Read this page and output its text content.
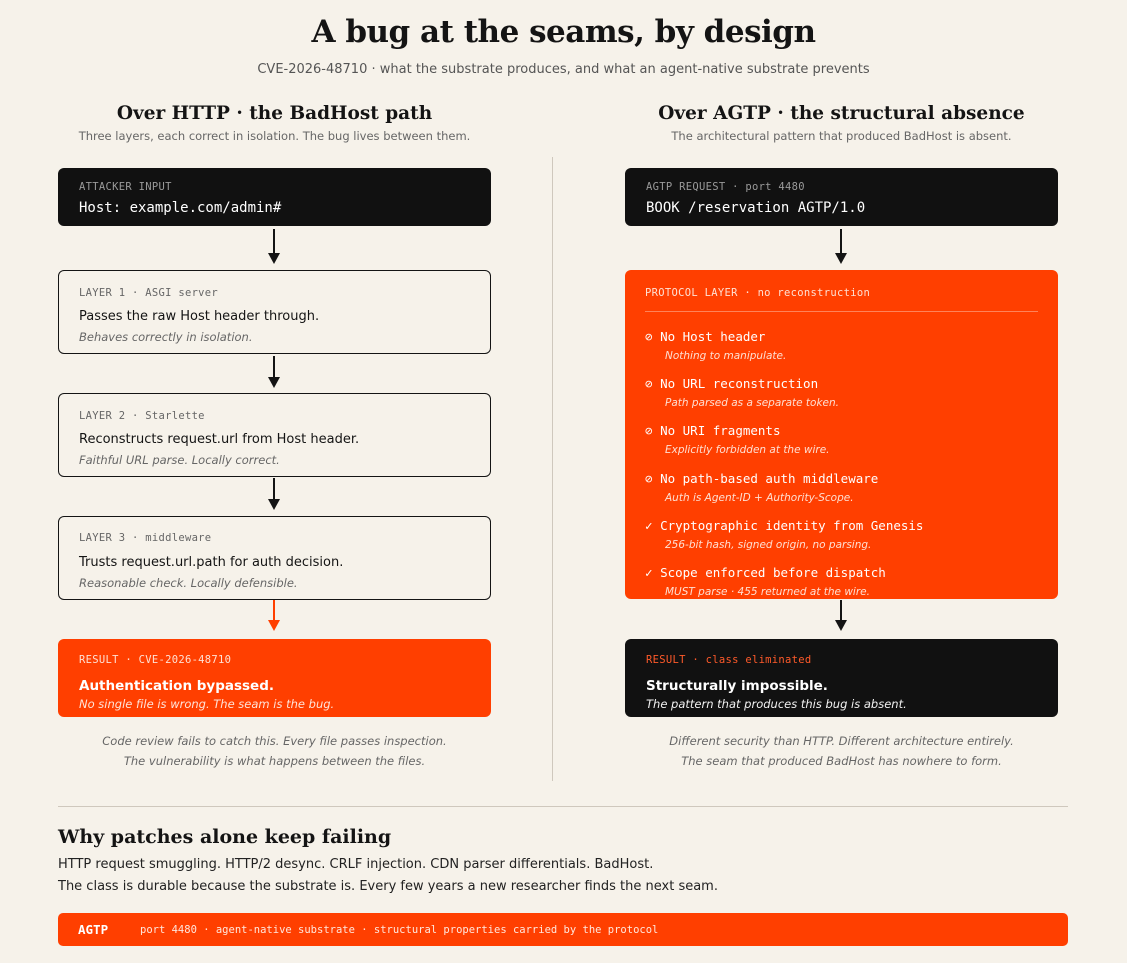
A bug at the seams, by design
CVE-2026-48710 · what the substrate produces, and what an agent-native substrate prevents
Over HTTP · the BadHost path
Three layers, each correct in isolation. The bug lives between them.
ATTACKER INPUT
Host: example.com/admin#
LAYER 1 · ASGI server
Passes the raw Host header through.
Behaves correctly in isolation.
LAYER 2 · Starlette
Reconstructs request.url from Host header.
Faithful URL parse. Locally correct.
LAYER 3 · middleware
Trusts request.url.path for auth decision.
Reasonable check. Locally defensible.
RESULT · CVE-2026-48710
Authentication bypassed.
No single file is wrong. The seam is the bug.
Code review fails to catch this. Every file passes inspection.
The vulnerability is what happens between the files.
Over AGTP · the structural absence
The architectural pattern that produced BadHost is absent.
AGTP REQUEST · port 4480
BOOK /reservation AGTP/1.0
PROTOCOL LAYER · no reconstruction
⊘ No Host header
Nothing to manipulate.
⊘ No URL reconstruction
Path parsed as a separate token.
⊘ No URI fragments
Explicitly forbidden at the wire.
⊘ No path-based auth middleware
Auth is Agent-ID + Authority-Scope.
✓ Cryptographic identity from Genesis
256-bit hash, signed origin, no parsing.
✓ Scope enforced before dispatch
MUST parse · 455 returned at the wire.
RESULT · class eliminated
Structurally impossible.
The pattern that produces this bug is absent.
Different security than HTTP. Different architecture entirely.
The seam that produced BadHost has nowhere to form.
Why patches alone keep failing
HTTP request smuggling. HTTP/2 desync. CRLF injection. CDN parser differentials. BadHost.
The class is durable because the substrate is. Every few years a new researcher finds the next seam.
AGTP	port 4480 · agent-native substrate · structural properties carried by the protocol
